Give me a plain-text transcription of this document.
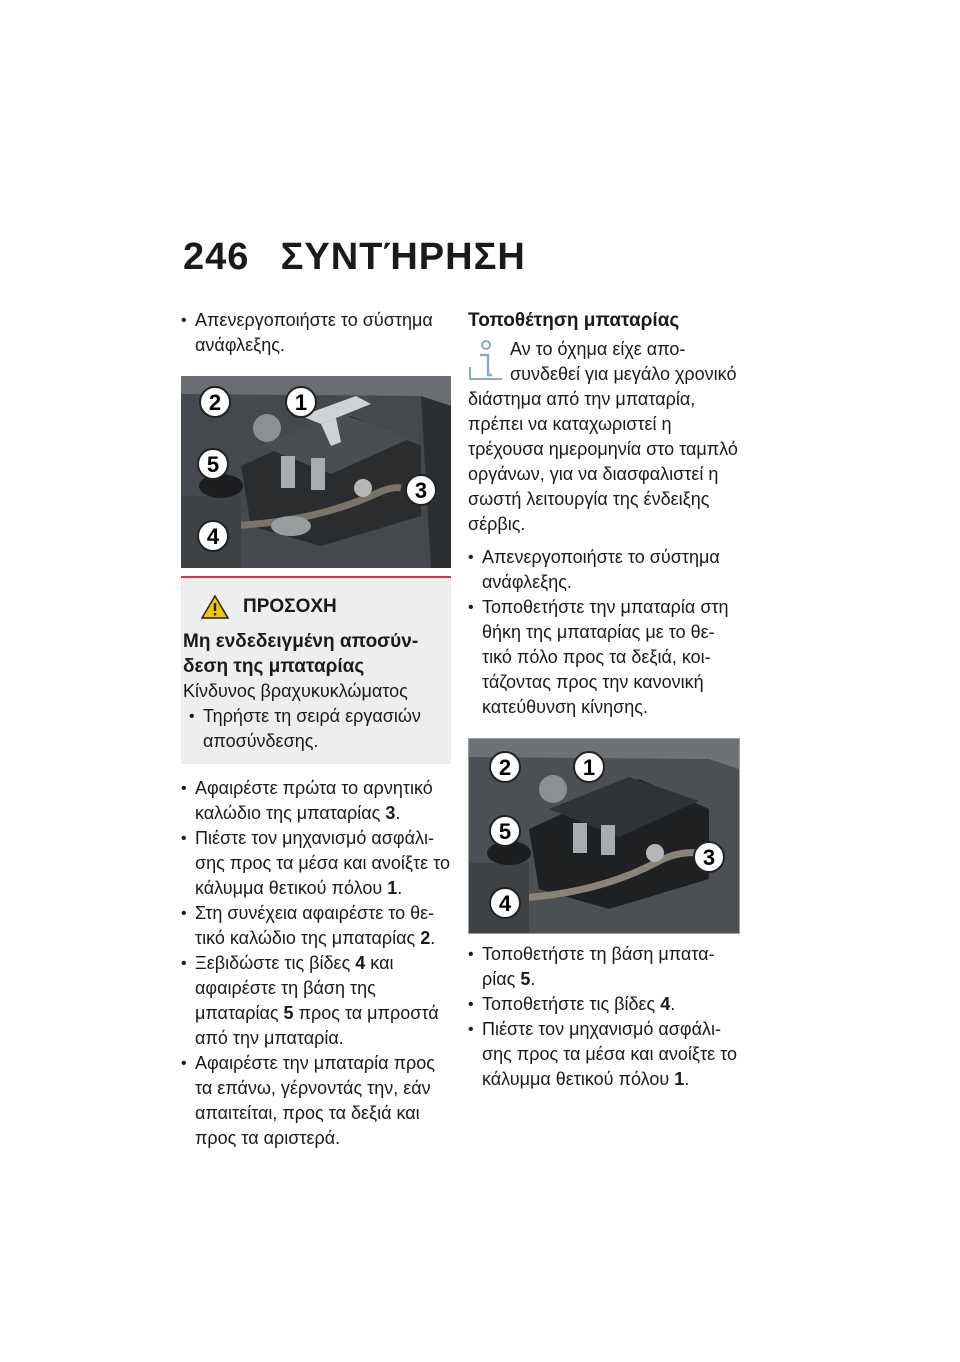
246 ΣΥΝΤΉΡΗΣΗ

• Απενεργοποιήστε το σύστημα ανάφλεξης.

1
2
3
4
5
ΠΡΟΣΟΧΗ
Μη ενδεδειγμένη αποσύνδεση της μπαταρίας
Κίνδυνος βραχυκυκλώματος

• Τηρήστε τη σειρά εργασιών αποσύνδεσης.

• Αφαιρέστε πρώτα το αρνητικό καλώδιο της μπαταρίας 3.

• Πιέστε τον μηχανισμό ασφάλισης προς τα μέσα και ανοίξτε το κάλυμμα θετικού πόλου 1.

• Στη συνέχεια αφαιρέστε το θετικό καλώδιο της μπαταρίας 2.

• Ξεβιδώστε τις βίδες 4 και αφαιρέστε τη βάση της μπαταρίας 5 προς τα μπροστά από την μπαταρία.

• Αφαιρέστε την μπαταρία προς τα επάνω, γέρνοντάς την, εάν απαιτείται, προς τα δεξιά και προς τα αριστερά.

Τοποθέτηση μπαταρίας
Αν το όχημα είχε αποσυνδεθεί για μεγάλο χρονικό διάστημα από την μπαταρία, πρέπει να καταχωριστεί η τρέχουσα ημερομηνία στο ταμπλό οργάνων, για να διασφαλιστεί η σωστή λειτουργία της ένδειξης σέρβις.

• Απενεργοποιήστε το σύστημα ανάφλεξης.

• Τοποθετήστε την μπαταρία στη θήκη της μπαταρίας με το θετικό πόλο προς τα δεξιά, κοιτάζοντας προς την κανονική κατεύθυνση κίνησης.

1
2
3
4
5

• Τοποθετήστε τη βάση μπαταρίας 5.

• Τοποθετήστε τις βίδες 4.

• Πιέστε τον μηχανισμό ασφάλισης προς τα μέσα και ανοίξτε το κάλυμμα θετικού πόλου 1.
